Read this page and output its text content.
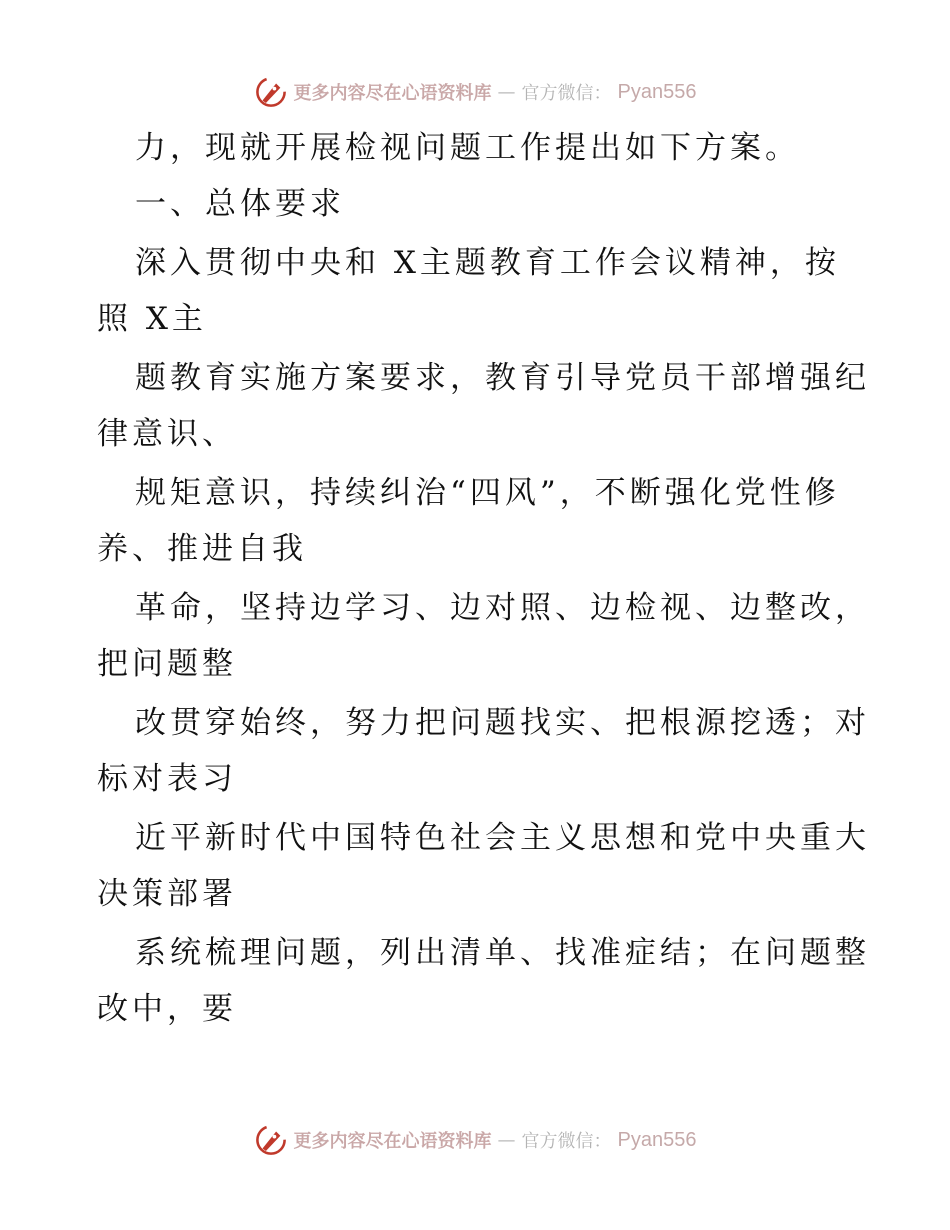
更多内容尽在心语资料库 — 官方微信： Pyan556
力，现就开展检视问题工作提出如下方案。
一、总体要求
深入贯彻中央和 X主题教育工作会议精神，按
照 X主
题教育实施方案要求，教育引导党员干部增强纪
律意识、
规矩意识，持续纠治“四风”，不断强化党性修
养、推进自我
革命，坚持边学习、边对照、边检视、边整改，
把问题整
改贯穿始终，努力把问题找实、把根源挖透；对
标对表习
近平新时代中国特色社会主义思想和党中央重大
决策部署
系统梳理问题，列出清单、找准症结；在问题整
改中，要
更多内容尽在心语资料库 — 官方微信： Pyan556
